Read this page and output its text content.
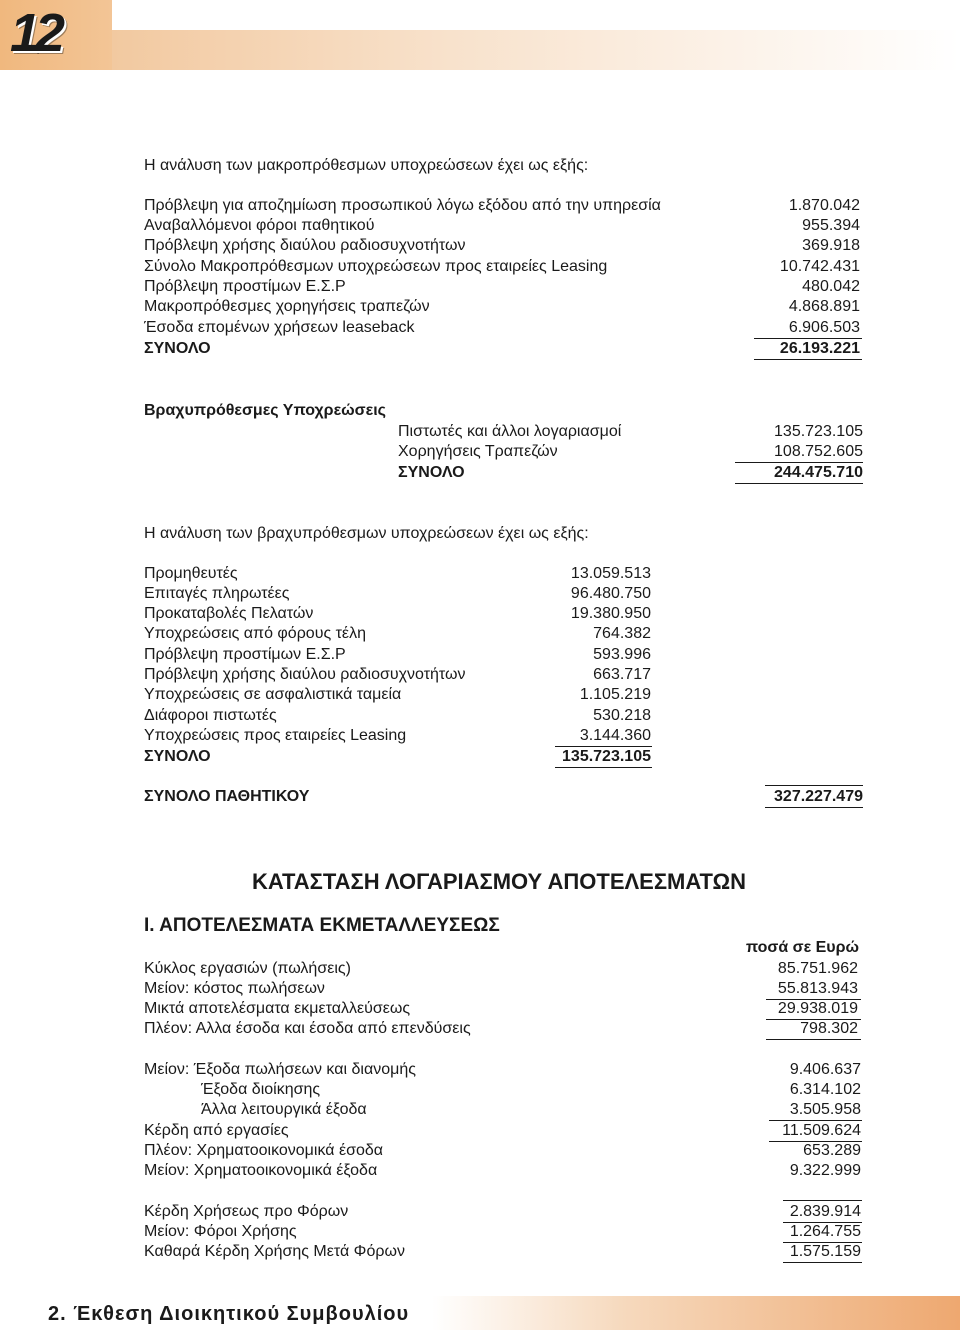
12
Η ανάλυση των μακροπρόθεσμων υποχρεώσεων έχει ως εξής:
Πρόβλεψη για αποζημίωση προσωπικού λόγω εξόδου από την υπηρεσία	1.870.042
Αναβαλλόμενοι φόροι παθητικού	955.394
Πρόβλεψη χρήσης διαύλου ραδιοσυχνοτήτων	369.918
Σύνολο Μακροπρόθεσμων υποχρεώσεων προς εταιρείες Leasing	10.742.431
Πρόβλεψη προστίμων Ε.Σ.Ρ	480.042
Μακροπρόθεσμες χορηγήσεις τραπεζών	4.868.891
Έσοδα επομένων χρήσεων leaseback	6.906.503
ΣΥΝΟΛΟ	26.193.221
Βραχυπρόθεσμες Υποχρεώσεις
Πιστωτές και άλλοι λογαριασμοί	135.723.105
Χορηγήσεις Τραπεζών	108.752.605
ΣΥΝΟΛΟ	244.475.710
Η ανάλυση των βραχυπρόθεσμων υποχρεώσεων έχει ως εξής:
Προμηθευτές	13.059.513
Επιταγές πληρωτέες	96.480.750
Προκαταβολές Πελατών	19.380.950
Υποχρεώσεις από φόρους τέλη	764.382
Πρόβλεψη προστίμων Ε.Σ.Ρ	593.996
Πρόβλεψη χρήσης διαύλου ραδιοσυχνοτήτων	663.717
Υποχρεώσεις σε ασφαλιστικά ταμεία	1.105.219
Διάφοροι πιστωτές	530.218
Υποχρεώσεις προς εταιρείες Leasing	3.144.360
ΣΥΝΟΛΟ	135.723.105
ΣΥΝΟΛΟ ΠΑΘΗΤΙΚΟΥ	327.227.479
ΚΑΤΑΣΤΑΣΗ ΛΟΓΑΡΙΑΣΜΟΥ ΑΠΟΤΕΛΕΣΜΑΤΩΝ
Ι. ΑΠΟΤΕΛΕΣΜΑΤΑ ΕΚΜΕΤΑΛΛΕΥΣΕΩΣ
ποσά σε Ευρώ
Κύκλος εργασιών (πωλήσεις)	85.751.962
Μείον: κόστος πωλήσεων	55.813.943
Μικτά αποτελέσματα εκμεταλλεύσεως	29.938.019
Πλέον: Αλλα έσοδα και έσοδα από επενδύσεις	798.302
Μείον: Έξοδα πωλήσεων και διανομής	9.406.637
Έξοδα διοίκησης	6.314.102
Άλλα λειτουργικά έξοδα	3.505.958
Κέρδη από εργασίες	11.509.624
Πλέον: Χρηματοοικονομικά έσοδα	653.289
Μείον: Χρηματοοικονομικά έξοδα	9.322.999
Κέρδη Χρήσεως προ Φόρων	2.839.914
Μείον: Φόροι Χρήσης	1.264.755
Καθαρά Κέρδη Χρήσης Μετά Φόρων	1.575.159
2. Έκθεση Διοικητικού Συμβουλίου
